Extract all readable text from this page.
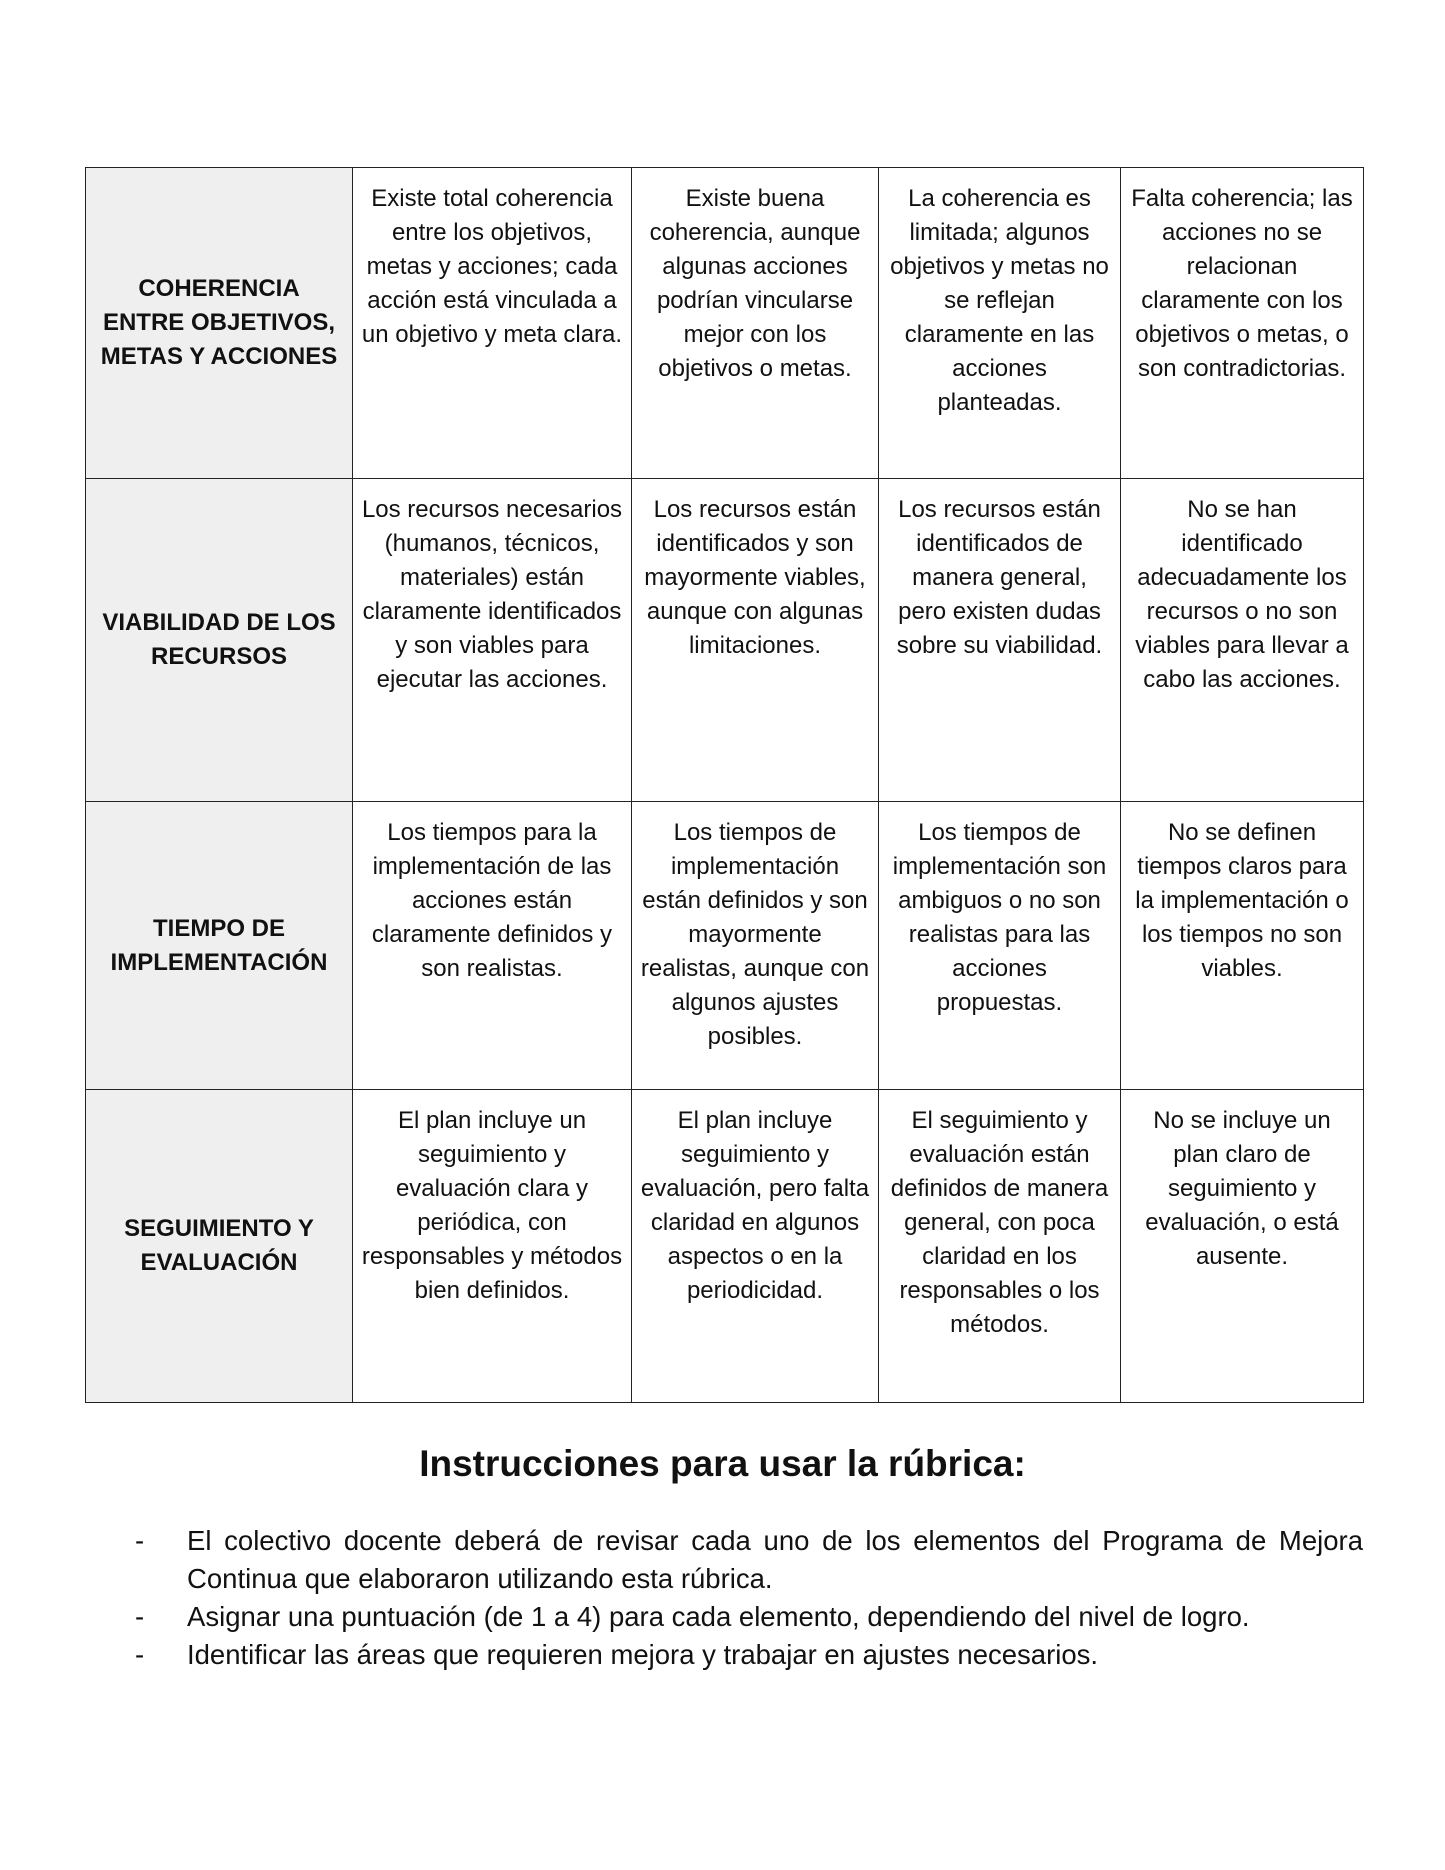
COHERENCIA ENTRE OBJETIVOS, METAS Y ACCIONES	Existe total coherencia entre los objetivos, metas y acciones; cada acción está vinculada a un objetivo y meta clara.	Existe buena coherencia, aunque algunas acciones podrían vincularse mejor con los objetivos o metas.	La coherencia es limitada; algunos objetivos y metas no se reflejan claramente en las acciones planteadas.	Falta coherencia; las acciones no se relacionan claramente con los objetivos o metas, o son contradictorias.
VIABILIDAD DE LOS RECURSOS	Los recursos necesarios (humanos, técnicos, materiales) están claramente identificados y son viables para ejecutar las acciones.	Los recursos están identificados y son mayormente viables, aunque con algunas limitaciones.	Los recursos están identificados de manera general, pero existen dudas sobre su viabilidad.	No se han identificado adecuadamente los recursos o no son viables para llevar a cabo las acciones.
TIEMPO DE IMPLEMENTACIÓN	Los tiempos para la implementación de las acciones están claramente definidos y son realistas.	Los tiempos de implementación están definidos y son mayormente realistas, aunque con algunos ajustes posibles.	Los tiempos de implementación son ambiguos o no son realistas para las acciones propuestas.	No se definen tiempos claros para la implementación o los tiempos no son viables.
SEGUIMIENTO Y EVALUACIÓN	El plan incluye un seguimiento y evaluación clara y periódica, con responsables y métodos bien definidos.	El plan incluye seguimiento y evaluación, pero falta claridad en algunos aspectos o en la periodicidad.	El seguimiento y evaluación están definidos de manera general, con poca claridad en los responsables o los métodos.	No se incluye un plan claro de seguimiento y evaluación, o está ausente.
Instrucciones para usar la rúbrica:
- El colectivo docente deberá de revisar cada uno de los elementos del Programa de Mejora Continua que elaboraron utilizando esta rúbrica.
- Asignar una puntuación (de 1 a 4) para cada elemento, dependiendo del nivel de logro.
- Identificar las áreas que requieren mejora y trabajar en ajustes necesarios.
